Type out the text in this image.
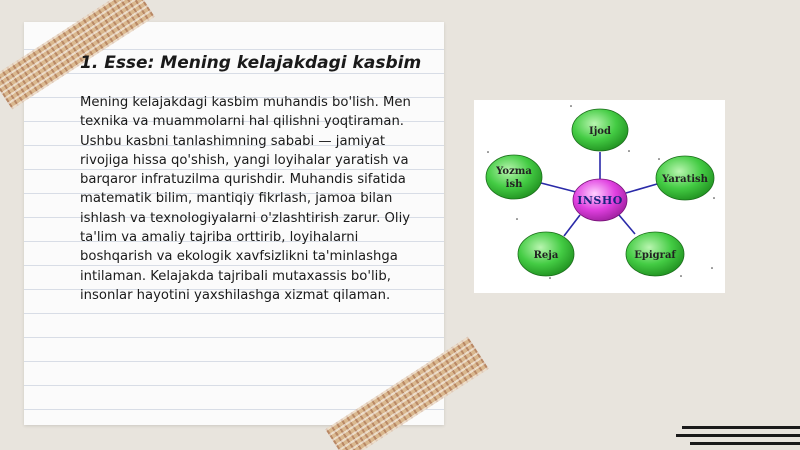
1. Esse: Mening kelajakdagi kasbim

Mening kelajakdagi kasbim muhandis bo'lish. Men texnika va muammolarni hal qilishni yoqtiraman. Ushbu kasbni tanlashimning sababi — jamiyat rivojiga hissa qo'shish, yangi loyihalar yaratish va barqaror infratuzilma qurishdir. Muhandis sifatida matematik bilim, mantiqiy fikrlash, jamoa bilan ishlash va texnologiyalarni o'zlashtirish zarur. Oliy ta'lim va amaliy tajriba orttirib, loyihalarni boshqarish va ekologik xavfsizlikni ta'minlashga intilaman. Kelajakda tajribali mutaxassis bo'lib, insonlar hayotini yaxshilashga xizmat qilaman.

INSHO
Ijod
Yozma
ish	Yaratish
Reja	Epigraf
